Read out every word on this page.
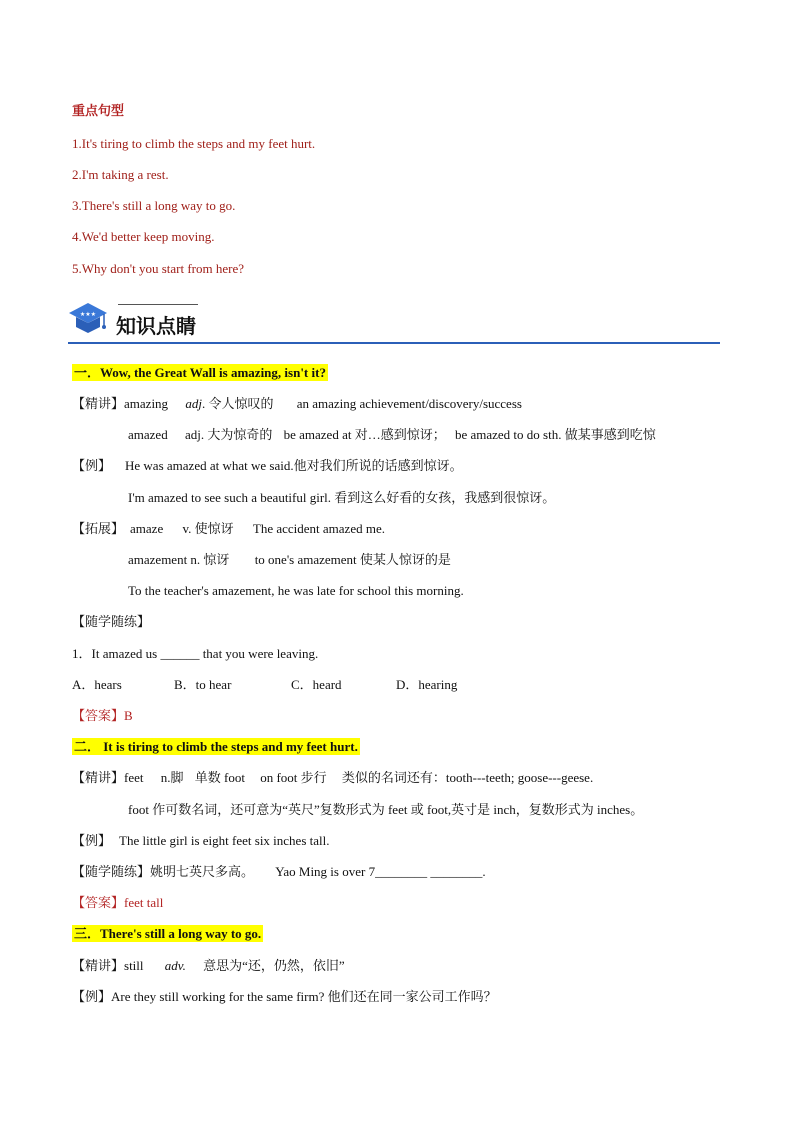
重点句型
1.It's tiring to climb the steps and my feet hurt.
2.I'm taking a rest.
3.There's still a long way to go.
4.We'd better keep moving.
5.Why don't you start from here?
★★★ 知识点睛
一．Wow, the Great Wall is amazing, isn't it?
【精讲】amazing adj. 令人惊叹的 an amazing achievement/discovery/success
amazed adj. 大为惊奇的 be amazed at 对…感到惊讶； be amazed to do sth. 做某事感到吃惊
【例】 He was amazed at what we said.他对我们所说的话感到惊讶。
I'm amazed to see such a beautiful girl. 看到这么好看的女孩，我感到很惊讶。
【拓展】 amaze v. 使惊讶 The accident amazed me.
amazement n. 惊讶 to one's amazement 使某人惊讶的是
To the teacher's amazement, he was late for school this morning.
【随学随练】
1．It amazed us ______ that you were leaving.
A．hears	B．to hear	C．heard	D．hearing
【答案】B
二． It is tiring to climb the steps and my feet hurt.
【精讲】feet n.脚 单数 foot on foot 步行 类似的名词还有：tooth---teeth; goose---geese.
foot 作可数名词，还可意为“英尺”复数形式为 feet 或 foot,英寸是 inch，复数形式为 inches。
【例】 The little girl is eight feet six inches tall.
【随学随练】姚明七英尺多高。 Yao Ming is over 7________ ________.
【答案】feet tall
三．There's still a long way to go.
【精讲】still adv. 意思为“还，仍然，依旧”
【例】Are they still working for the same firm? 他们还在同一家公司工作吗？
